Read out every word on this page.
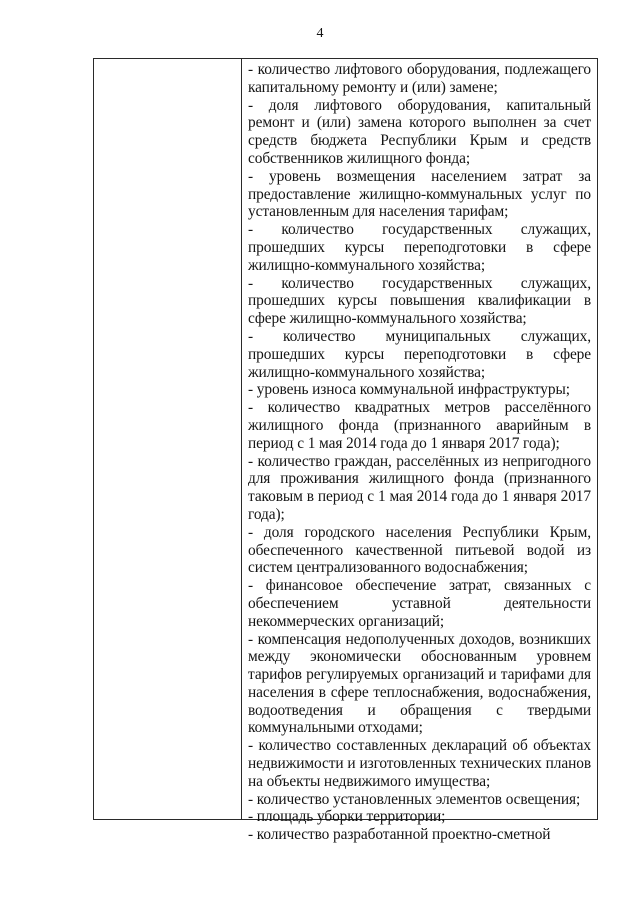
4

- количество лифтового оборудования, подлежащего капитальному ремонту и (или) замене;

- доля лифтового оборудования, капитальный ремонт и (или) замена которого выполнен за счет средств бюджета Республики Крым и средств собственников жилищного фонда;

- уровень возмещения населением затрат за предоставление жилищно-коммунальных услуг по установленным для населения тарифам;

- количество государственных служащих, прошедших курсы переподготовки в сфере жилищно-коммунального хозяйства;

- количество государственных служащих, прошедших курсы повышения квалификации в сфере жилищно-коммунального хозяйства;

- количество муниципальных служащих, прошедших курсы переподготовки в сфере жилищно-коммунального хозяйства;

- уровень износа коммунальной инфраструктуры;

- количество квадратных метров расселённого жилищного фонда (признанного аварийным в период с 1 мая 2014 года до 1 января 2017 года);

- количество граждан, расселённых из непригодного для проживания жилищного фонда (признанного таковым в период с 1 мая 2014 года до 1 января 2017 года);

- доля городского населения Республики Крым, обеспеченного качественной питьевой водой из систем централизованного водоснабжения;

- финансовое обеспечение затрат, связанных с обеспечением уставной деятельности некоммерческих организаций;

- компенсация недополученных доходов, возникших между экономически обоснованным уровнем тарифов регулируемых организаций и тарифами для населения в сфере теплоснабжения, водоснабжения, водоотведения и обращения с твердыми коммунальными отходами;

- количество составленных деклараций об объектах недвижимости и изготовленных технических планов на объекты недвижимого имущества;

- количество установленных элементов освещения;

- площадь уборки территории;

- количество разработанной проектно-сметной
